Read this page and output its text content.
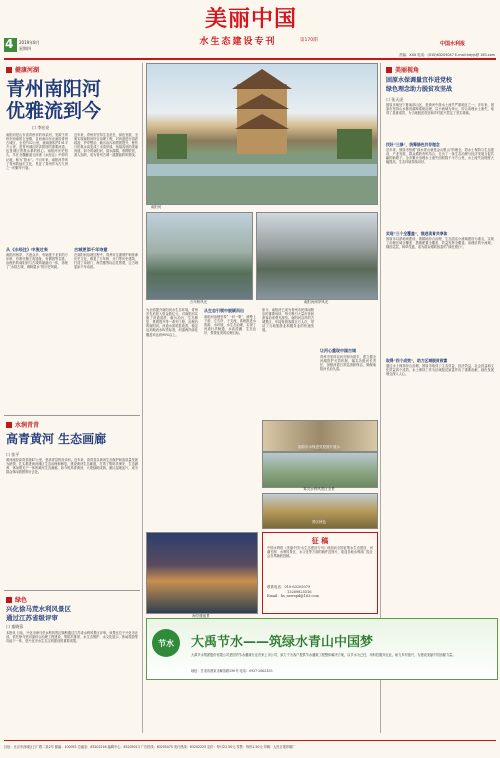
4 2019年8月
星期四
美丽中国
水生态建设专刊	第170期
中国水利报
责编：XXX 电话：(010)63205047 E-mail:hdyjs@ 163.com
健康河湖
青州南阳河
优雅流到今
口 李宏亮
南阳河是山东省青州市的母亲河，发源于青州市西南的五里镇，自西南向东北流经青州古城区，全长约32公里，流域面积约191平方公里，是青州城区防洪排涝的重要河道，也是城区景观水系的核心。南阳河历史悠久，早在北魏郦道元所著《水经注》中即有记载，称为“阳水”。千百年来，南阳河孕育了青州的灿烂文化，见证了青州作为古九州之一的繁华兴衰。
近年来，青州市坚持生态优先、绿色发展，全面实施南阳河综合治理工程，对河道进行清淤疏浚、护岸整治、截污治污和景观提升，使昔日的臭水沟变成了水清岸绿、鱼翔浅底的美丽河道。如今的南阳河，碧水潺潺，垂柳依依，游人如织，成为青州古城一道靓丽的风景线。
从《水经注》中流过来
南阳河两岸，古迹众多，有始建于北宋的万年桥，有明代衡王府遗址，有偶园等名胜。治理后的南阳河与古城风貌融为一体，再现了“水绕古城、城映碧水”的历史风貌。
古城更添千年诗意
在南阳河治理过程中，青州市注重保护和传承历史文化，修复了万年桥、北门等历史建筑，打造了阜财门、海岱楼等标志性景观，让古城更添千年诗意。
水润青青
高青黄河 生态画廊
口 张平
黄河流经高青县境47公里，是高青县的母亲河。近年来，高青县以黄河生态保护和高质量发展为统领，扎实推进黄河滩区生态治理和修复，建设黄河生态廊道，打造了集防洪保安、生态涵养、休闲观光于一体的黄河生态画廊。如今的高青黄河，大堤绿树成荫，滩区湿地连片，成为群众休闲游憩的好去处。
绿色
兴化徐马荒水利风景区
通过江苏省级评审
口 童晓蓉
本报讯 日前，兴化市徐马荒水利风景区顺利通过江苏省水利风景区评审。该景区位于兴化市北部，依托徐马荒河道综合治理工程建设，集防洪排涝、水生态保护、水文化展示、休闲旅游等功能于一体，是兴化市水生态文明建设的重要成果。
南阳河
万年桥风光	南阳河两岸风光
为全面提升南阳河水生态环境，青州市先后投入资金数亿元，对南阳河实施了河道清淤、截污治污、生态修复、景观提升等一系列工程。治理后的南阳河，河道水质明显改善，稳定达到地表水Ⅳ类标准，河道两岸绿化覆盖率达到90%以上。
从生态引领中脱颖而出
南阳河治理坚持“一河一策”，统筹上下游、左右岸、干支流，系统推进水资源、水环境、水生态治理，实现了河道行洪畅通、水质清澈、生态良好、景观优美的治理目标。
如今，南阳河已成为青州市民休闲娱乐的重要场所，每天吸引大量市民和游客前来观光游览。南阳河沿岸的古城景区，年接待游客数百万人次，带动了当地旅游业和服务业的快速发展。
让河心重现中国古城
青州市坚持以河长制为抓手，建立健全河湖管护长效机制，落实各级河长责任，加强河道日常巡查和保洁，确保南阳河长治久清。
海岱楼夜景
征 稿
中国水利报《美丽中国·水生态建设专刊》现面向全国征集水生态建设、河湖长制、水利风景区、水文化等方面的稿件及图片，欢迎各地水利部门及社会各界踊跃投稿。
联系电话：010-63205079
13269825516
Email：hs_newspd@163.com
美丽视角
固原水保调量宜作进党校
绿色理念助力脱贫攻坚战
口 张天虎
固原市地处宁夏南部山区，是黄河中游水土流失严重地区之一。多年来，固原市坚持山水林田湖草系统治理，以小流域为单元，综合治理水土流失，取得了显著成效，为当地脱贫攻坚和乡村振兴奠定了坚实基础。
找好“三绿”，统筹绿色共存理念
近年来，固原市按照“绿水青山就是金山银山”的理念，将水土保持与生态建设、产业发展、群众增收有机结合，走出了一条生态治理与经济发展互促共赢的新路子。全市累计治理水土流失面积数千平方公里，水土流失治理度大幅提高，生态环境持续向好。
实现“三个全覆盖”，推进美育共享体
固原市以淤地坝建设、坡耕地综合治理、生态清洁小流域建设为重点，实现了治理区域全覆盖、措施配置全覆盖、效益发挥全覆盖。治理后的小流域，梯田层层，林草茂盛，成为群众增收致富的“绿色银行”。
取得“四个成效”，助力区域脱贫致富
通过水土保持综合治理，固原市取得了生态效益、经济效益、社会效益和文化效益四个成效，水土保持工作为区域脱贫致富作出了重要贡献，绿色发展理念深入人心。
雾灵水利风景区全景
景区秋色
固原市水保进党校图片展示
节水 大禹节水——筑绿水青山中国梦
大禹节水集团股份有限公司是国内节水灌溉行业首家上市公司，致力于为客户提供节水灌溉工程整体解决方案，以节水为己任，用科技服务农业，助力乡村振兴，为建设美丽中国贡献力量。
地址：甘肃省酒泉市解放路290号 电话：0937-2663155
社址：北京市西城区白广路二条2号 邮编：100053 总编室：63202216 编辑中心：63205013 广告热线：63205075 发行热线：63202225 定价：每月22.50元 零售：每份1.50元 印刷：人民日报印刷厂
